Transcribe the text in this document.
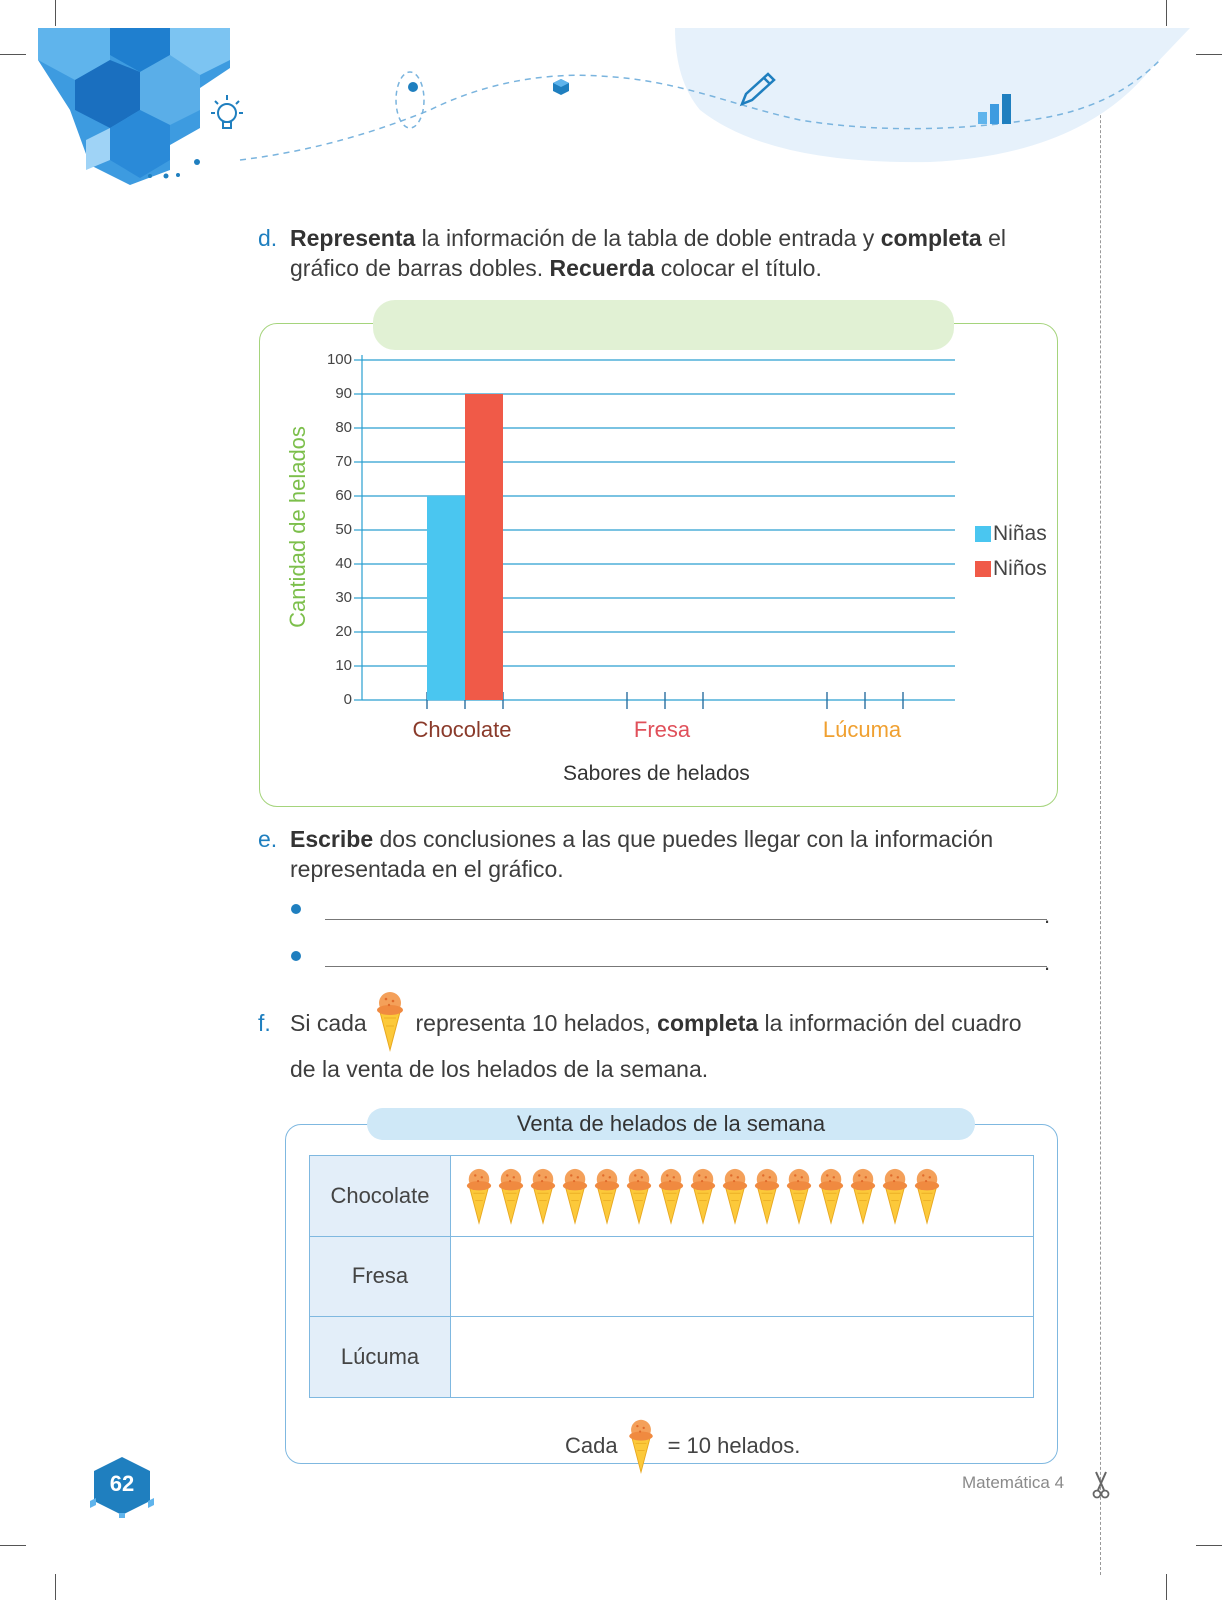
d. Representa la información de la tabla de doble entrada y completa el
gráfico de barras dobles. Recuerda colocar el título.
Cantidad de helados
0
10
20
30
40
50
60
70
80
90
100
Chocolate	Fresa	Lúcuma
Niñas
Niños
Sabores de helados
e. Escribe dos conclusiones a las que puedes llegar con la información
representada en el gráfico.
.
.
f. Si cada
representa 10 helados, completa la información del cuadro
de la venta de los helados de la semana.
Venta de helados de la semana
Chocolate	

Fresa	

Lúcuma	
Cada = 10 helados.
62	Matemática 4
